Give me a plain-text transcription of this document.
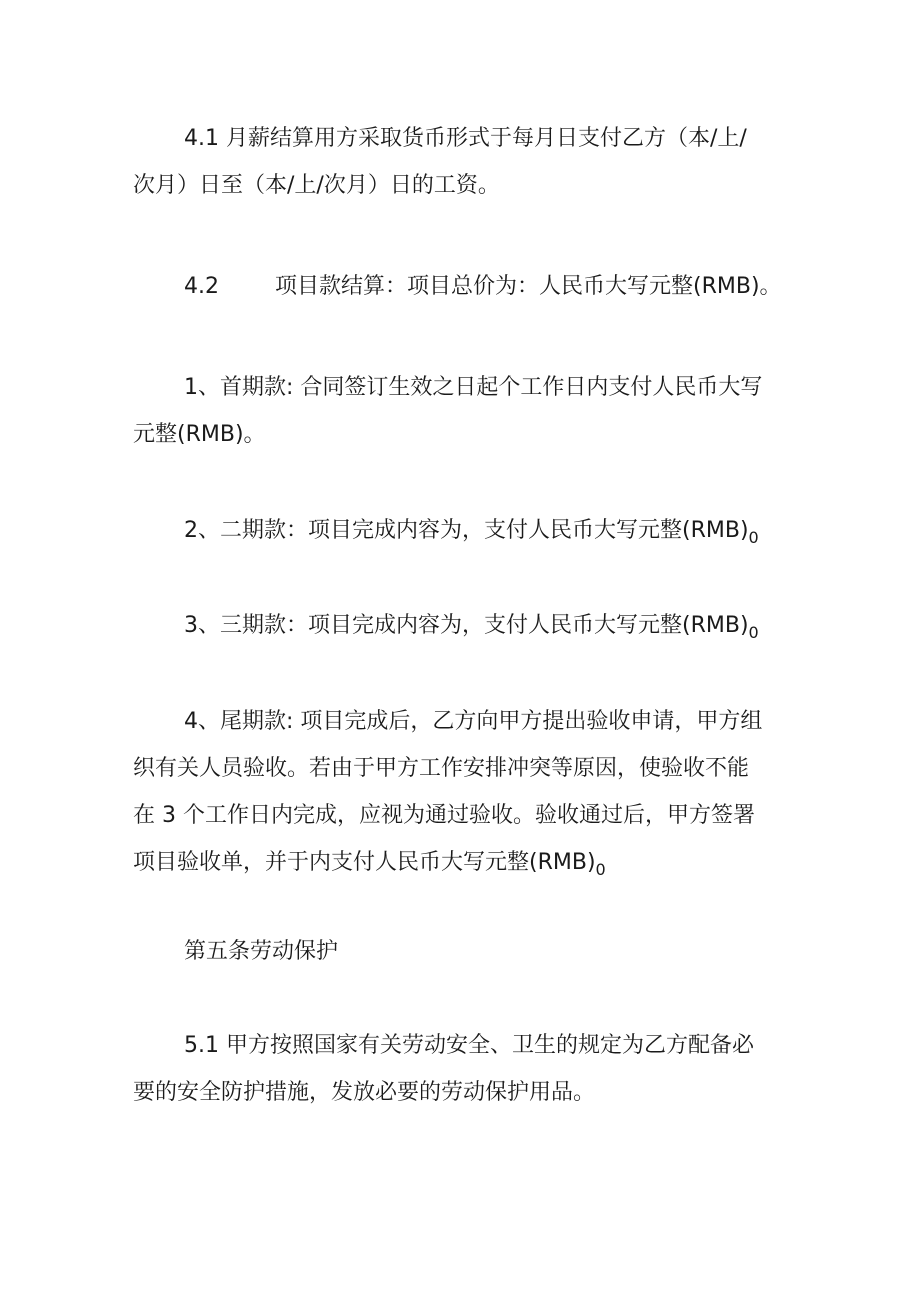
4.1 月薪结算用方采取货币形式于每月日支付乙方（本/上/
次月）日至（本/上/次月）日的工资。

4.2	项目款结算：项目总价为：人民币大写元整(RMB)。

1、首期款: 合同签订生效之日起个工作日内支付人民币大写
元整(RMB)。

2、二期款：项目完成内容为，支付人民币大写元整$(RMB)_0$

3、三期款：项目完成内容为，支付人民币大写元整$(RMB)_0$

4、尾期款: 项目完成后，乙方向甲方提出验收申请，甲方组
织有关人员验收。若由于甲方工作安排冲突等原因，使验收不能
在 3 个工作日内完成，应视为通过验收。验收通过后，甲方签署
项目验收单，并于内支付人民币大写元整$(RMB)_0$

第五条劳动保护

5.1 甲方按照国家有关劳动安全、卫生的规定为乙方配备必
要的安全防护措施，发放必要的劳动保护用品。
